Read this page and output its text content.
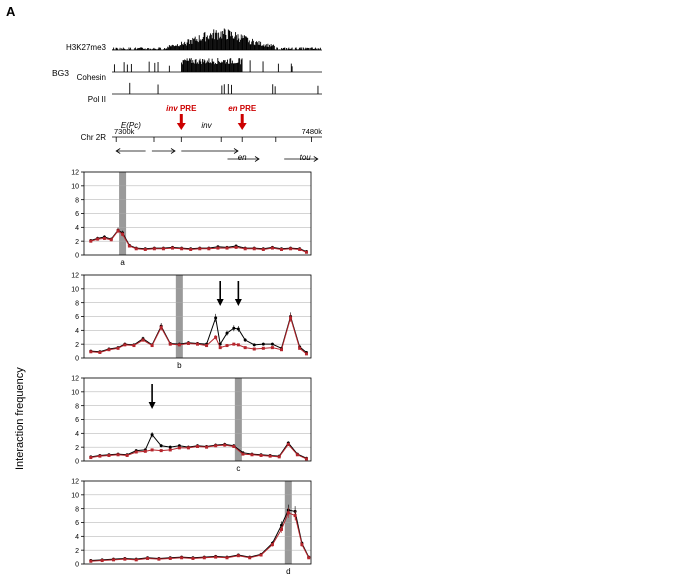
A
H3K27me3
Cohesin
Pol II
BG3
inv PRE	en PRE
Chr 2R
7300k	7480k
E(Pc)	inv
en	tou
0
2
4
6
8
10
12
a
0
2
4
6
8
10
12
b
0
2
4
6
8
10
12
c
0
2
4
6
8
10
12
d
Interaction frequency
